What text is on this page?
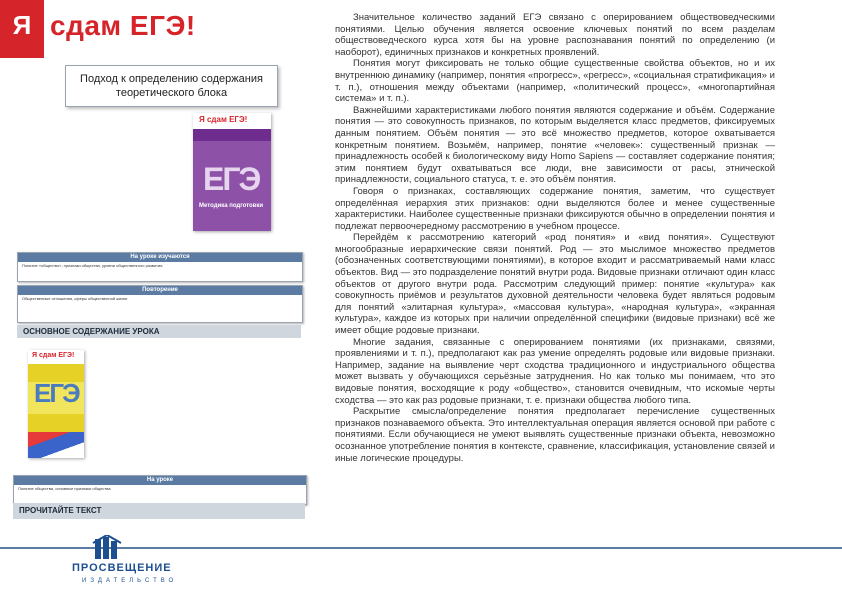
Я сдам ЕГЭ!
Подход к определению содержания
теоретического блока
Я сдам ЕГЭ!
ЕГЭ
Методика подготовки
На уроке изучаются
Понятие «общество», признаки общества, уровни общественного развития
Повторение
Общественные отношения, сферы общественной жизни
ОСНОВНОЕ СОДЕРЖАНИЕ УРОКА
Я сдам ЕГЭ!
ЕГЭ
На уроке
Понятие общества, основные признаки общества
ПРОЧИТАЙТЕ ТЕКСТ

Значительное количество заданий ЕГЭ связано с оперированием обществоведческими понятиями. Целью обучения является освоение ключевых понятий по всем разделам обществоведческого курса хотя бы на уровне распознавания понятий по определению (и наоборот), единичных признаков и конкретных проявлений.

Понятия могут фиксировать не только общие существенные свойства объектов, но и их внутреннюю динамику (например, понятия «прогресс», «регресс», «социальная стратификация» и т. п.), отношения между объектами (например, «политический процесс», «многопартийная система» и т. п.).

Важнейшими характеристиками любого понятия являются содержание и объём. Содержание понятия — это совокупность признаков, по которым выделяется класс предметов, фиксируемых данным понятием. Объём понятия — это всё множество предметов, которое охватывается конкретным понятием. Возьмём, например, понятие «человек»: существенный признак — принадлежность особей к биологическому виду Homo Sapiens — составляет содержание понятия; этим понятием будут охватываться все люди, вне зависимости от расы, этнической принадлежности, социального статуса, т. е. это объём понятия.

Говоря о признаках, составляющих содержание понятия, заметим, что существует определённая иерархия этих признаков: одни выделяются более и менее существенные характеристики. Наиболее существенные признаки фиксируются обычно в определении понятия и подлежат первоочередному рассмотрению в учебном процессе.

Перейдём к рассмотрению категорий «род понятия» и «вид понятия». Существуют многообразные иерархические связи понятий. Род — это мыслимое множество предметов (обозначенных соответствующими понятиями), в которое входит и рассматриваемый нами класс объектов. Вид — это подразделение понятий внутри рода. Видовые признаки отличают один класс объектов от другого внутри рода. Рассмотрим следующий пример: понятие «культура» как совокупность приёмов и результатов духовной деятельности человека будет являться родовым для понятий «элитарная культура», «массовая культура», «народная культура», «экранная культура», каждое из которых при наличии определённой специфики (видовые признаки) всё же имеет общие родовые признаки.

Многие задания, связанные с оперированием понятиями (их признаками, связями, проявлениями и т. п.), предполагают как раз умение определять родовые или видовые признаки. Например, задание на выявление черт сходства традиционного и индустриального общества может вызвать у обучающихся серьёзные затруднения. Но как только мы понимаем, что это видовые понятия, восходящие к роду «общество», становится очевидным, что искомые черты сходства — это как раз родовые признаки, т. е. признаки общества любого типа.

Раскрытие смысла/определение понятия предполагает перечисление существенных признаков познаваемого объекта. Это интеллектуальная операция является основой при работе с понятиями. Если обучающиеся не умеют выявлять существенные признаки объекта, невозможно осознанное употребление понятия в контексте, сравнение, классификация, установление связей и иные логические процедуры.

ПРОСВЕЩЕНИЕ
ИЗДАТЕЛЬСТВО
